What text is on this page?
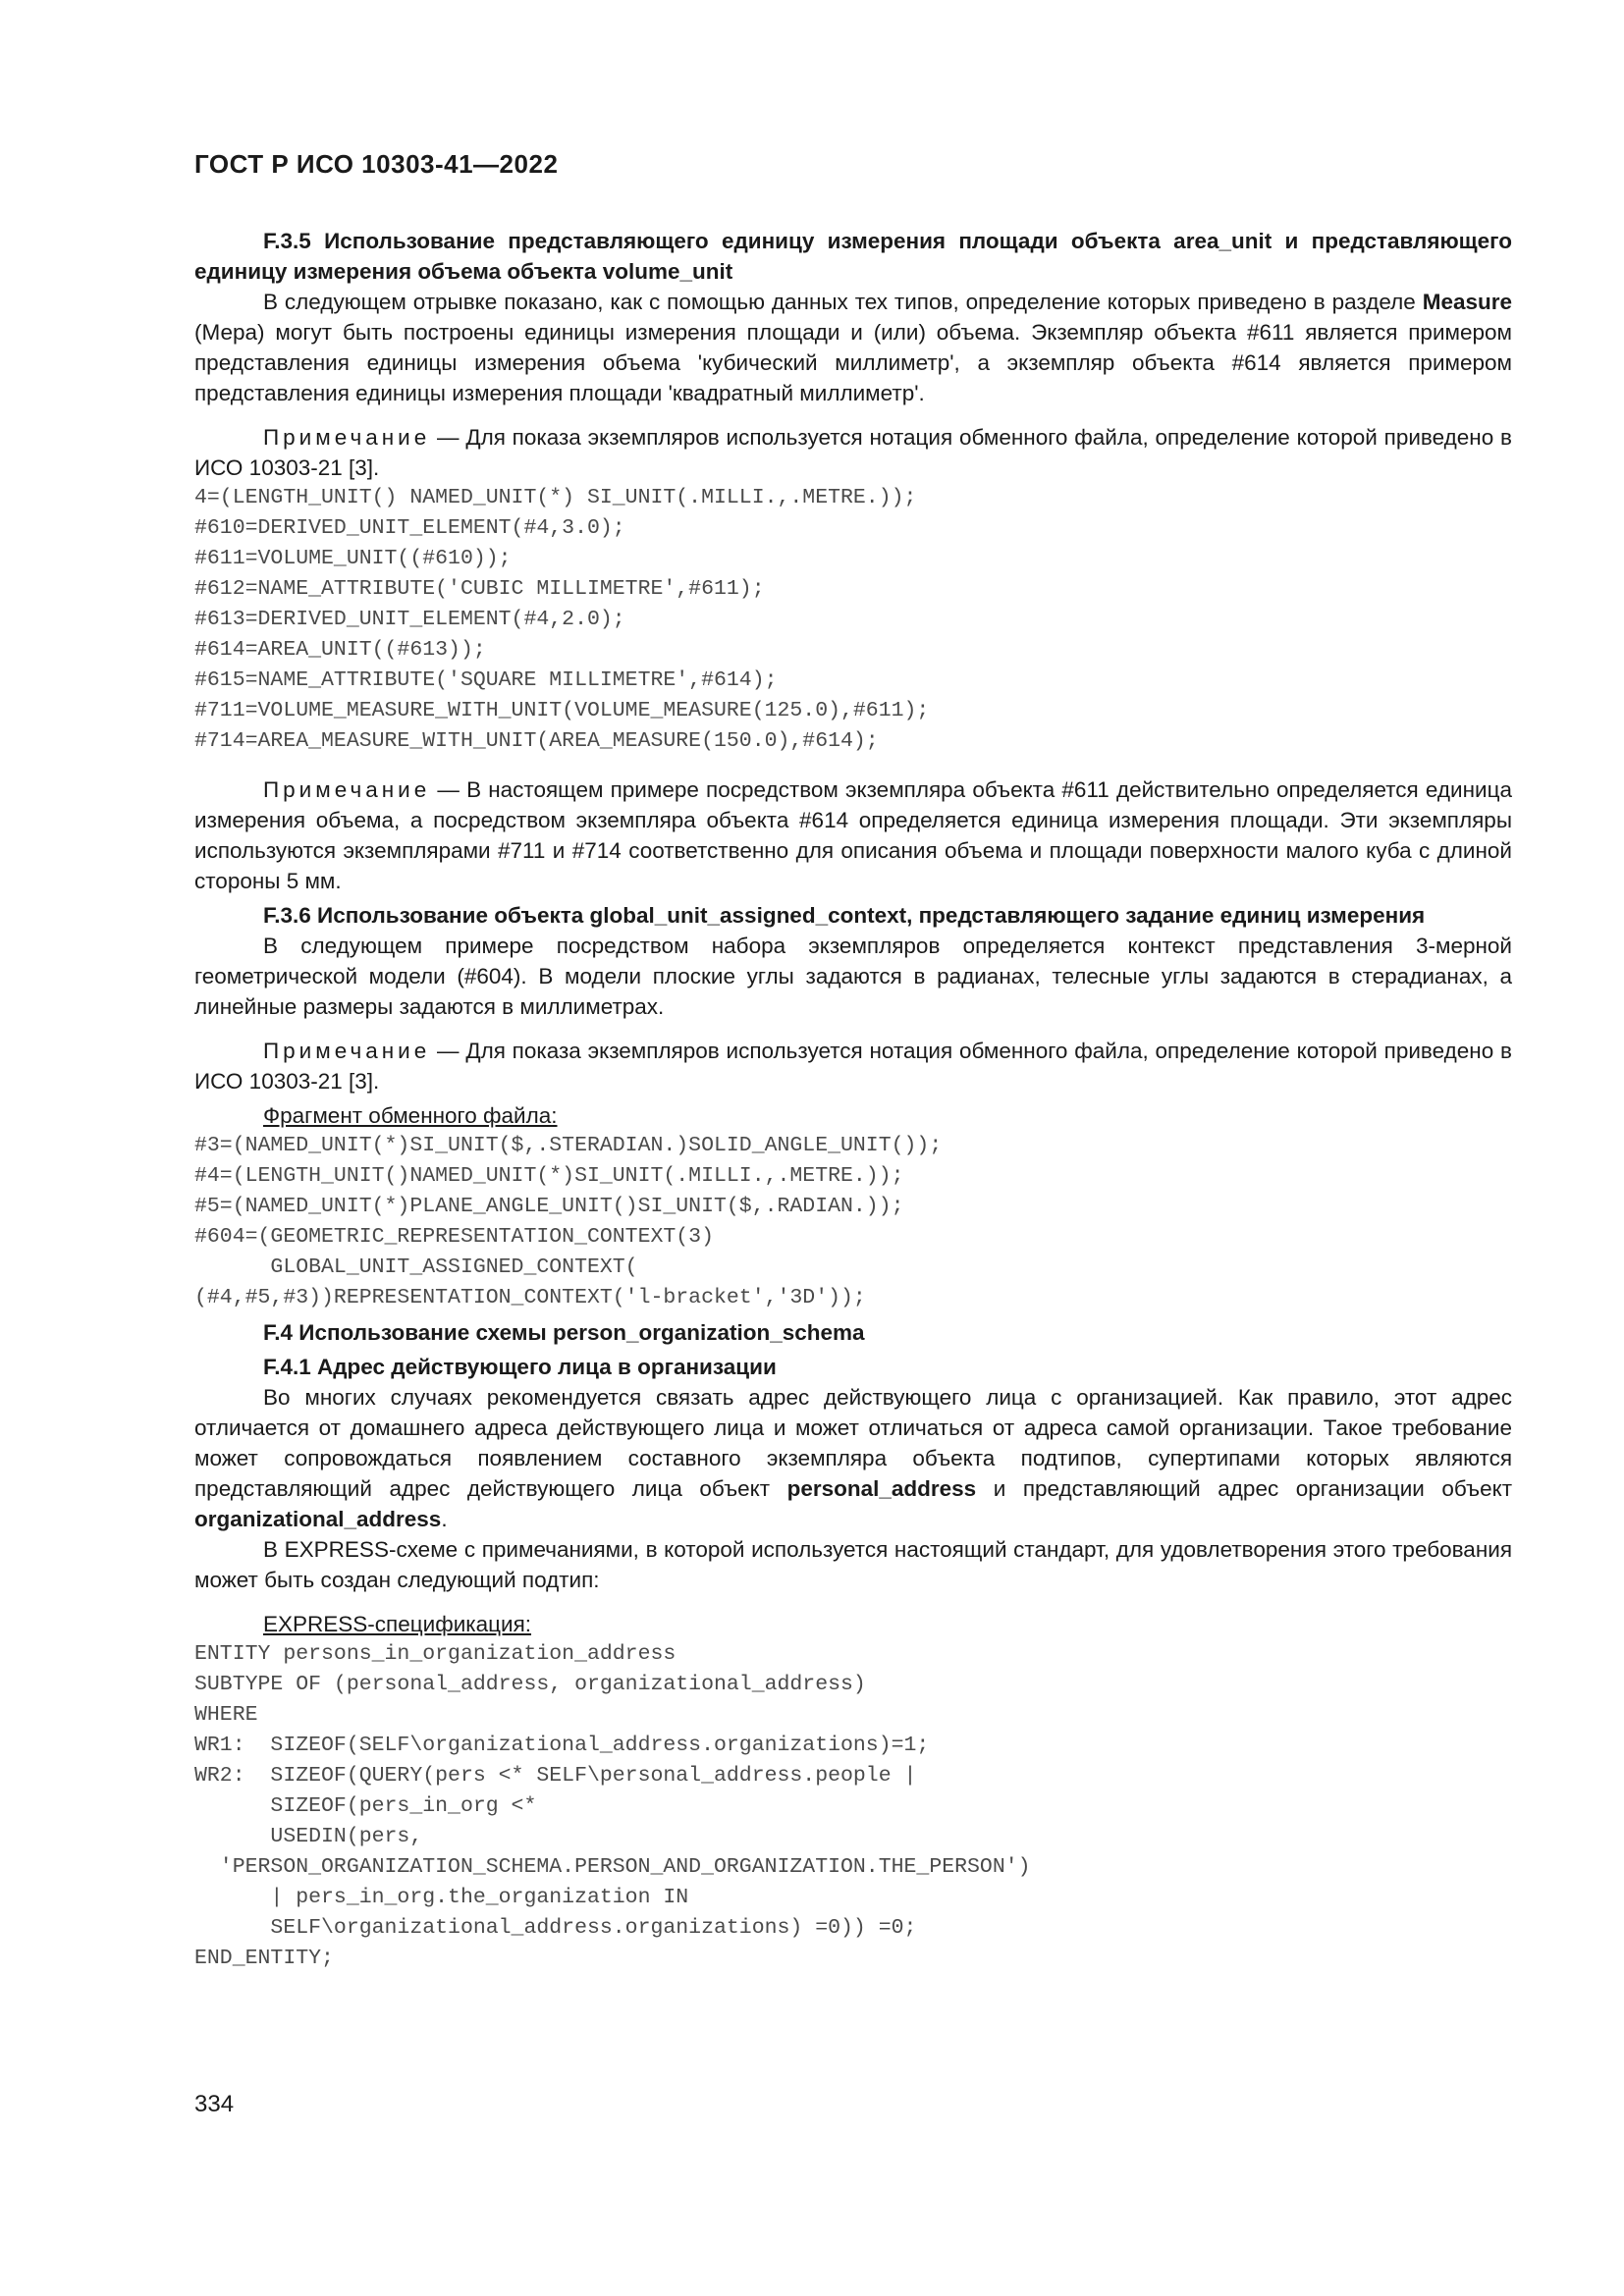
ГОСТ Р ИСО 10303-41—2022

F.3.5 Использование представляющего единицу измерения площади объекта area_unit и представляющего единицу измерения объема объекта volume_unit

В следующем отрывке показано, как с помощью данных тех типов, определение которых приведено в разделе Measure (Мера) могут быть построены единицы измерения площади и (или) объема. Экземпляр объекта #611 является примером представления единицы измерения объема 'кубический миллиметр', а экземпляр объекта #614 является примером представления единицы измерения площади 'квадратный миллиметр'.

Примечание — Для показа экземпляров используется нотация обменного файла, определение которой приведено в ИСО 10303-21 [3].

4=(LENGTH_UNIT() NAMED_UNIT(*) SI_UNIT(.MILLI.,.METRE.));
#610=DERIVED_UNIT_ELEMENT(#4,3.0);
#611=VOLUME_UNIT((#610));
#612=NAME_ATTRIBUTE('CUBIC MILLIMETRE',#611);
#613=DERIVED_UNIT_ELEMENT(#4,2.0);
#614=AREA_UNIT((#613));
#615=NAME_ATTRIBUTE('SQUARE MILLIMETRE',#614);
#711=VOLUME_MEASURE_WITH_UNIT(VOLUME_MEASURE(125.0),#611);
#714=AREA_MEASURE_WITH_UNIT(AREA_MEASURE(150.0),#614);

Примечание — В настоящем примере посредством экземпляра объекта #611 действительно определяется единица измерения объема, а посредством экземпляра объекта #614 определяется единица измерения площади. Эти экземпляры используются экземплярами #711 и #714 соответственно для описания объема и площади поверхности малого куба с длиной стороны 5 мм.

F.3.6 Использование объекта global_unit_assigned_context, представляющего задание единиц измерения

В следующем примере посредством набора экземпляров определяется контекст представления 3-мерной геометрической модели (#604). В модели плоские углы задаются в радианах, телесные углы задаются в стерадианах, а линейные размеры задаются в миллиметрах.

Примечание — Для показа экземпляров используется нотация обменного файла, определение которой приведено в ИСО 10303-21 [3].

Фрагмент обменного файла:

#3=(NAMED_UNIT(*)SI_UNIT($,.STERADIAN.)SOLID_ANGLE_UNIT());
#4=(LENGTH_UNIT()NAMED_UNIT(*)SI_UNIT(.MILLI.,.METRE.));
#5=(NAMED_UNIT(*)PLANE_ANGLE_UNIT()SI_UNIT($,.RADIAN.));
#604=(GEOMETRIC_REPRESENTATION_CONTEXT(3)
GLOBAL_UNIT_ASSIGNED_CONTEXT(
(#4,#5,#3))REPRESENTATION_CONTEXT('l-bracket','3D'));

F.4 Использование схемы person_organization_schema

F.4.1 Адрес действующего лица в организации

Во многих случаях рекомендуется связать адрес действующего лица с организацией. Как правило, этот адрес отличается от домашнего адреса действующего лица и может отличаться от адреса самой организации. Такое требование может сопровождаться появлением составного экземпляра объекта подтипов, супертипами которых являются представляющий адрес действующего лица объект personal_address и представляющий адрес организации объект organizational_address.

В EXPRESS-схеме с примечаниями, в которой используется настоящий стандарт, для удовлетворения этого требования может быть создан следующий подтип:

EXPRESS-спецификация:

ENTITY persons_in_organization_address
SUBTYPE OF (personal_address, organizational_address)
WHERE
WR1:  SIZEOF(SELF\organizational_address.organizations)=1;
WR2:  SIZEOF(QUERY(pers <* SELF\personal_address.people |
SIZEOF(pers_in_org <*
USEDIN(pers,
'PERSON_ORGANIZATION_SCHEMA.PERSON_AND_ORGANIZATION.THE_PERSON')
| pers_in_org.the_organization IN
SELF\organizational_address.organizations) =0)) =0;
END_ENTITY;
334
